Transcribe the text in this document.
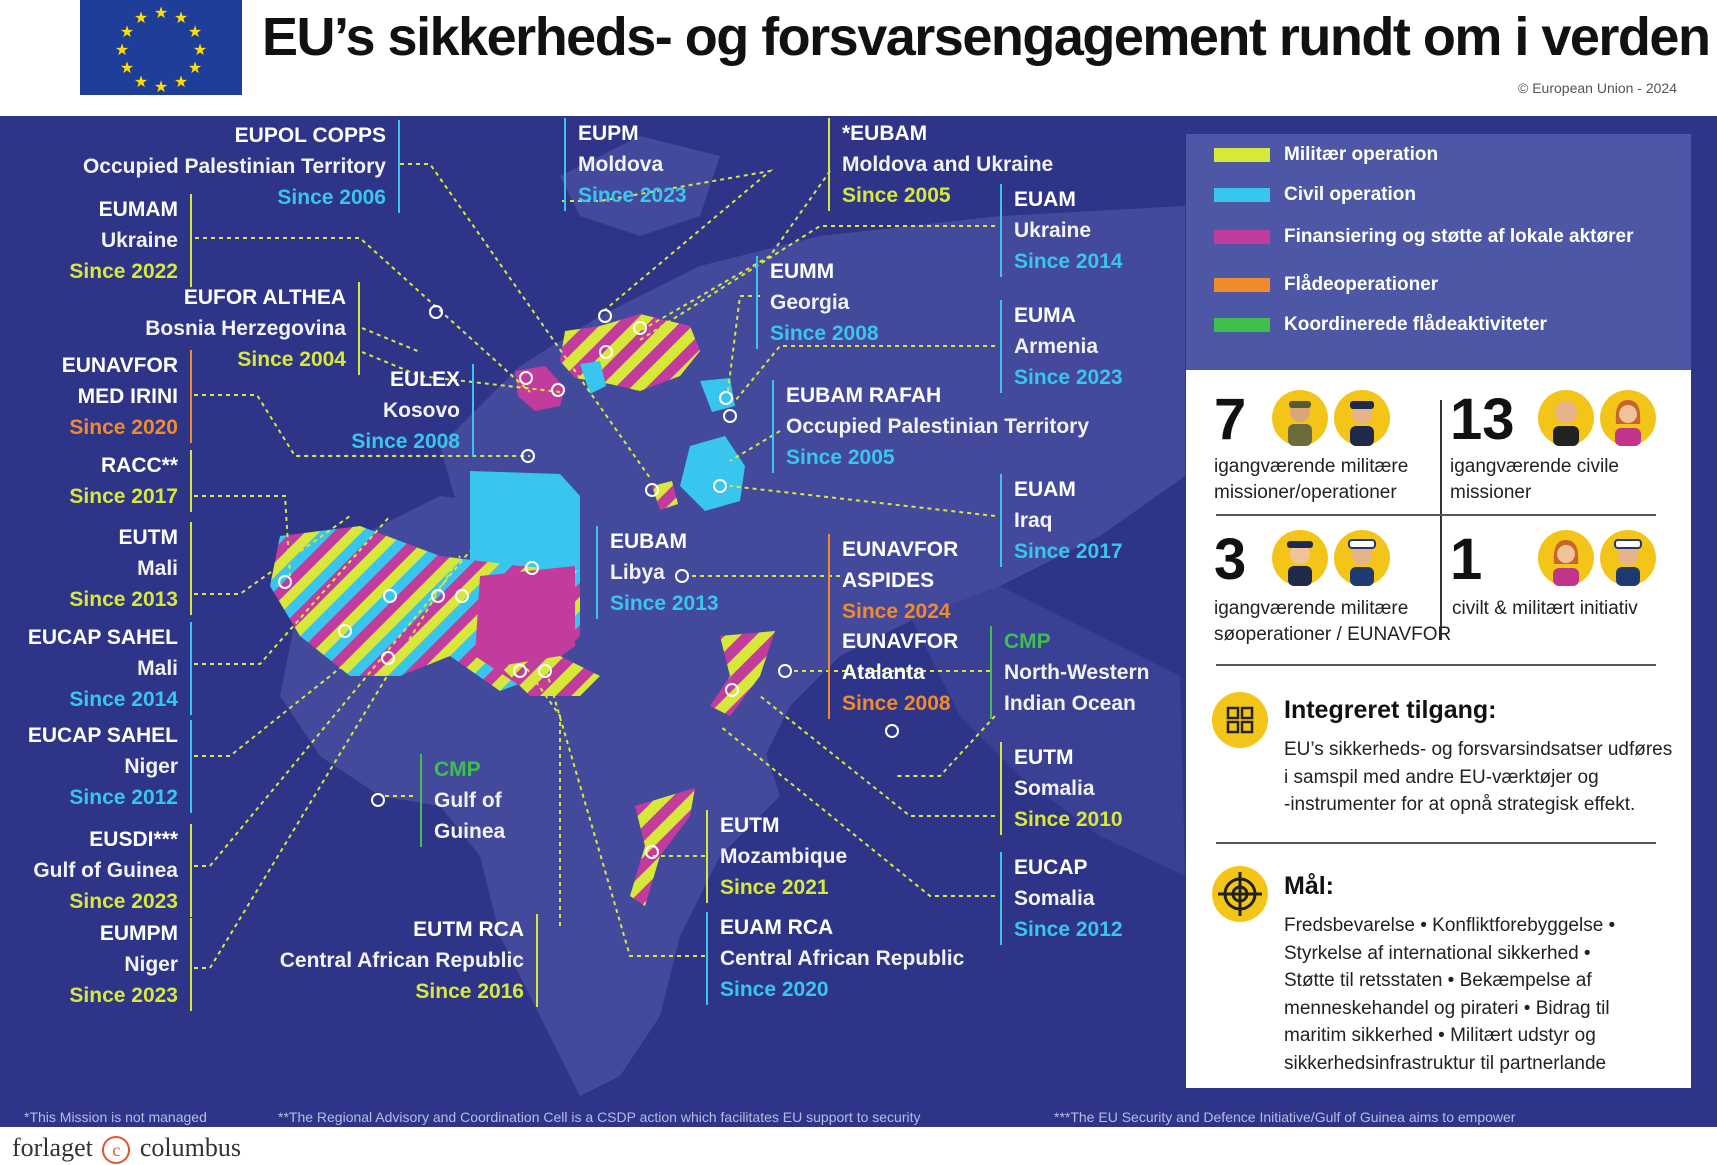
★ ★
★
★
★
★
★
★
★
★
★
★ EU’s sikkerheds- og forsvarsengagement rundt om i verden
© European Union - 2024
EUPOL COPPS
Occupied Palestinian Territory
Since 2006
EUMAM
Ukraine
Since 2022
EUFOR ALTHEA
Bosnia Herzegovina
Since 2004
EUNAVFOR
MED IRINI
Since 2020
EULEX
Kosovo
Since 2008
RACC**
Since 2017
EUTM
Mali
Since 2013
EUCAP SAHEL
Mali
Since 2014
EUCAP SAHEL
Niger
Since 2012
EUSDI***
Gulf of Guinea
Since 2023
EUMPM
Niger
Since 2023
CMP
Gulf of
Guinea
EUTM RCA
Central African Republic
Since 2016
EUPM
Moldova
Since 2023
*EUBAM
Moldova and Ukraine
Since 2005	EUAM
Ukraine
Since 2014
EUMM
Georgia
Since 2008
EUMA
Armenia
Since 2023
EUBAM RAFAH
Occupied Palestinian Territory
Since 2005
EUAM
Iraq
Since 2017
EUBAM
Libya
Since 2013
EUNAVFOR
ASPIDES
Since 2024
EUNAVFOR
Atalanta
Since 2008
CMP
North-Western
Indian Ocean
EUTM
Somalia
Since 2010
EUCAP
Somalia
Since 2012
EUTM
Mozambique
Since 2021
EUAM RCA
Central African Republic
Since 2020
Militær operation
Civil operation
Finansiering og støtte af lokale aktører
Flådeoperationer
Koordinerede flådeaktiviteter
7
igangværende militære
missioner/operationer
13
igangværende civile
missioner
3
igangværende militære
søoperationer / EUNAVFOR
1
civilt & militært initiativ
Integreret tilgang:
EU’s sikkerheds- og forsvarsindsatser udføres
i samspil med andre EU-værktøjer og
-instrumenter for at opnå strategisk effekt.
Mål:
Fredsbevarelse • Konfliktforebyggelse •
Styrkelse af international sikkerhed •
Støtte til retsstaten • Bekæmpelse af
menneskehandel og pirateri • Bidrag til
maritim sikkerhed • Militært udstyr og
sikkerhedsinfrastruktur til partnerlande
*This Mission is not managed	**The Regional Advisory and Coordination Cell is a CSDP action which facilitates EU support to security	***The EU Security and Defence Initiative/Gulf of Guinea aims to empower
forlaget c columbus
